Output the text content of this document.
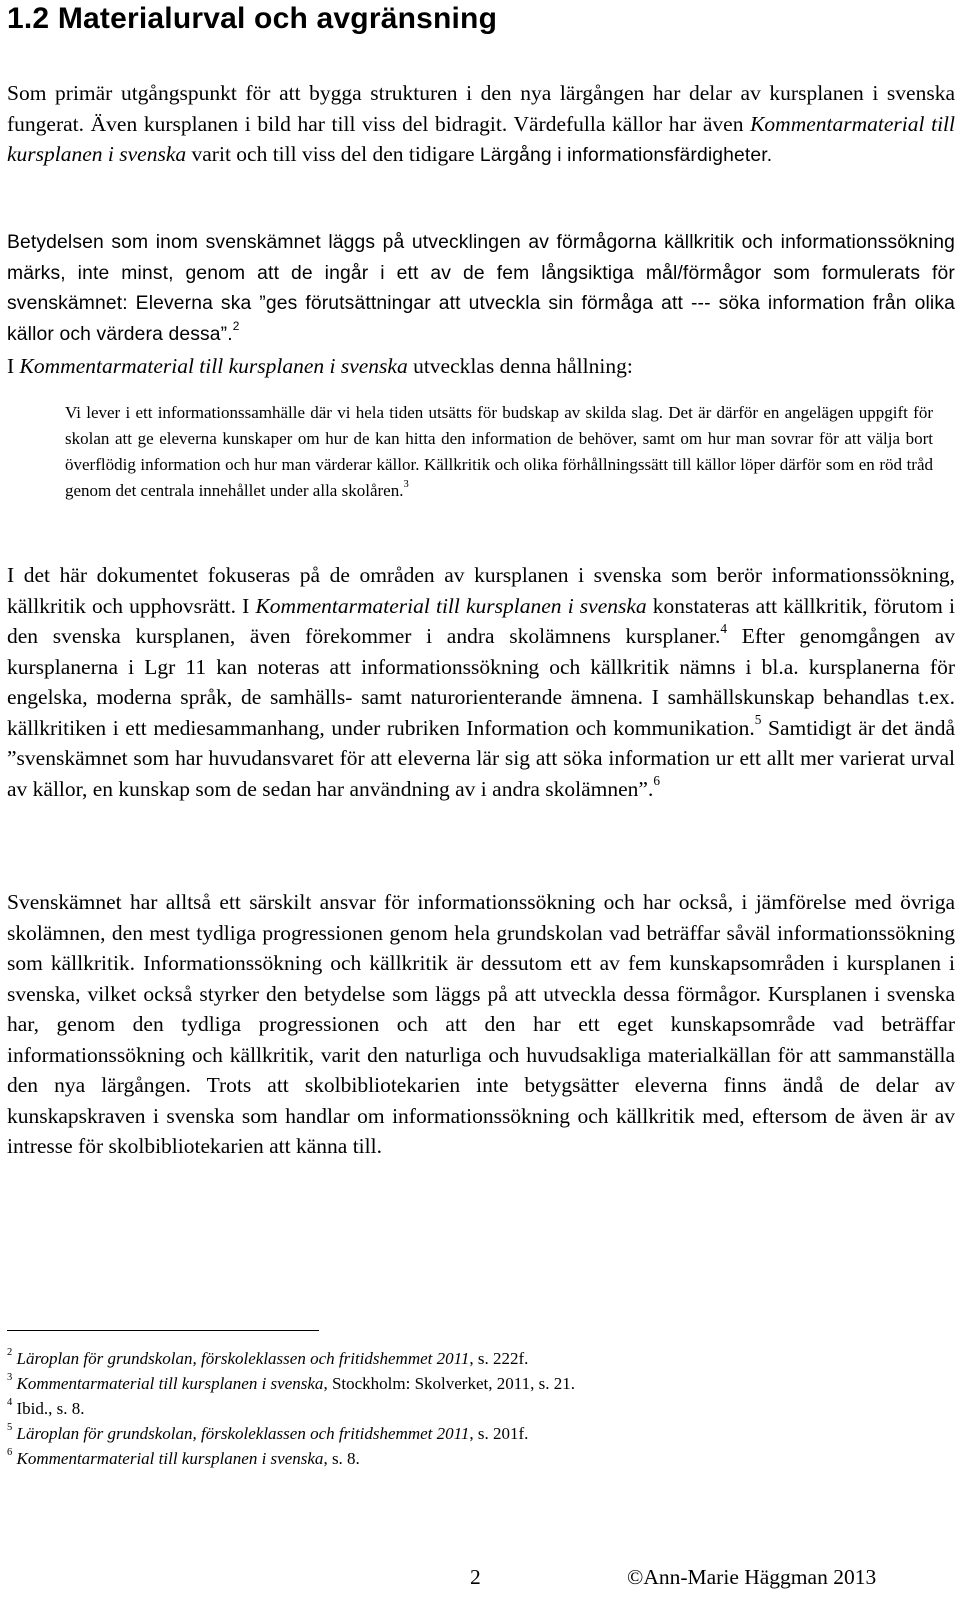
1.2 Materialurval och avgränsning

Som primär utgångspunkt för att bygga strukturen i den nya lärgången har delar av kursplanen i svenska fungerat. Även kursplanen i bild har till viss del bidragit. Värdefulla källor har även Kommentarmaterial till kursplanen i svenska varit och till viss del den tidigare Lärgång i informationsfärdigheter.

Betydelsen som inom svenskämnet läggs på utvecklingen av förmågorna källkritik och informationssökning märks, inte minst, genom att de ingår i ett av de fem långsiktiga mål/förmågor som formulerats för svenskämnet: Eleverna ska ”ges förutsättningar att utveckla sin förmåga att --- söka information från olika källor och värdera dessa”.$^2$

I Kommentarmaterial till kursplanen i svenska utvecklas denna hållning:

Vi lever i ett informationssamhälle där vi hela tiden utsätts för budskap av skilda slag. Det är därför en angelägen uppgift för skolan att ge eleverna kunskaper om hur de kan hitta den information de behöver, samt om hur man sovrar för att välja bort överflödig information och hur man värderar källor. Källkritik och olika förhållningssätt till källor löper därför som en röd tråd genom det centrala innehållet under alla skolåren.$^3$

I det här dokumentet fokuseras på de områden av kursplanen i svenska som berör informationssökning, källkritik och upphovsrätt. I Kommentarmaterial till kursplanen i svenska konstateras att källkritik, förutom i den svenska kursplanen, även förekommer i andra skolämnens kursplaner.$^4$ Efter genomgången av kursplanerna i Lgr 11 kan noteras att informationssökning och källkritik nämns i bl.a. kursplanerna för engelska, moderna språk, de samhälls- samt naturorienterande ämnena. I samhällskunskap behandlas t.ex. källkritiken i ett mediesammanhang, under rubriken Information och kommunikation.$^5$ Samtidigt är det ändå ”svenskämnet som har huvudansvaret för att eleverna lär sig att söka information ur ett allt mer varierat urval av källor, en kunskap som de sedan har användning av i andra skolämnen”.$^6$

Svenskämnet har alltså ett särskilt ansvar för informationssökning och har också, i jämförelse med övriga skolämnen, den mest tydliga progressionen genom hela grundskolan vad beträffar såväl informationssökning som källkritik. Informationssökning och källkritik är dessutom ett av fem kunskapsområden i kursplanen i svenska, vilket också styrker den betydelse som läggs på att utveckla dessa förmågor. Kursplanen i svenska har, genom den tydliga progressionen och att den har ett eget kunskapsområde vad beträffar informationssökning och källkritik, varit den naturliga och huvudsakliga materialkällan för att sammanställa den nya lärgången. Trots att skolbibliotekarien inte betygsätter eleverna finns ändå de delar av kunskapskraven i svenska som handlar om informationssökning och källkritik med, eftersom de även är av intresse för skolbibliotekarien att känna till.

$^2$ Läroplan för grundskolan, förskoleklassen och fritidshemmet 2011, s. 222f.
$^3$ Kommentarmaterial till kursplanen i svenska, Stockholm: Skolverket, 2011, s. 21.
$^4$ Ibid., s. 8.
$^5$ Läroplan för grundskolan, förskoleklassen och fritidshemmet 2011, s. 201f.
$^6$ Kommentarmaterial till kursplanen i svenska, s. 8.
2	©Ann-Marie Häggman 2013
